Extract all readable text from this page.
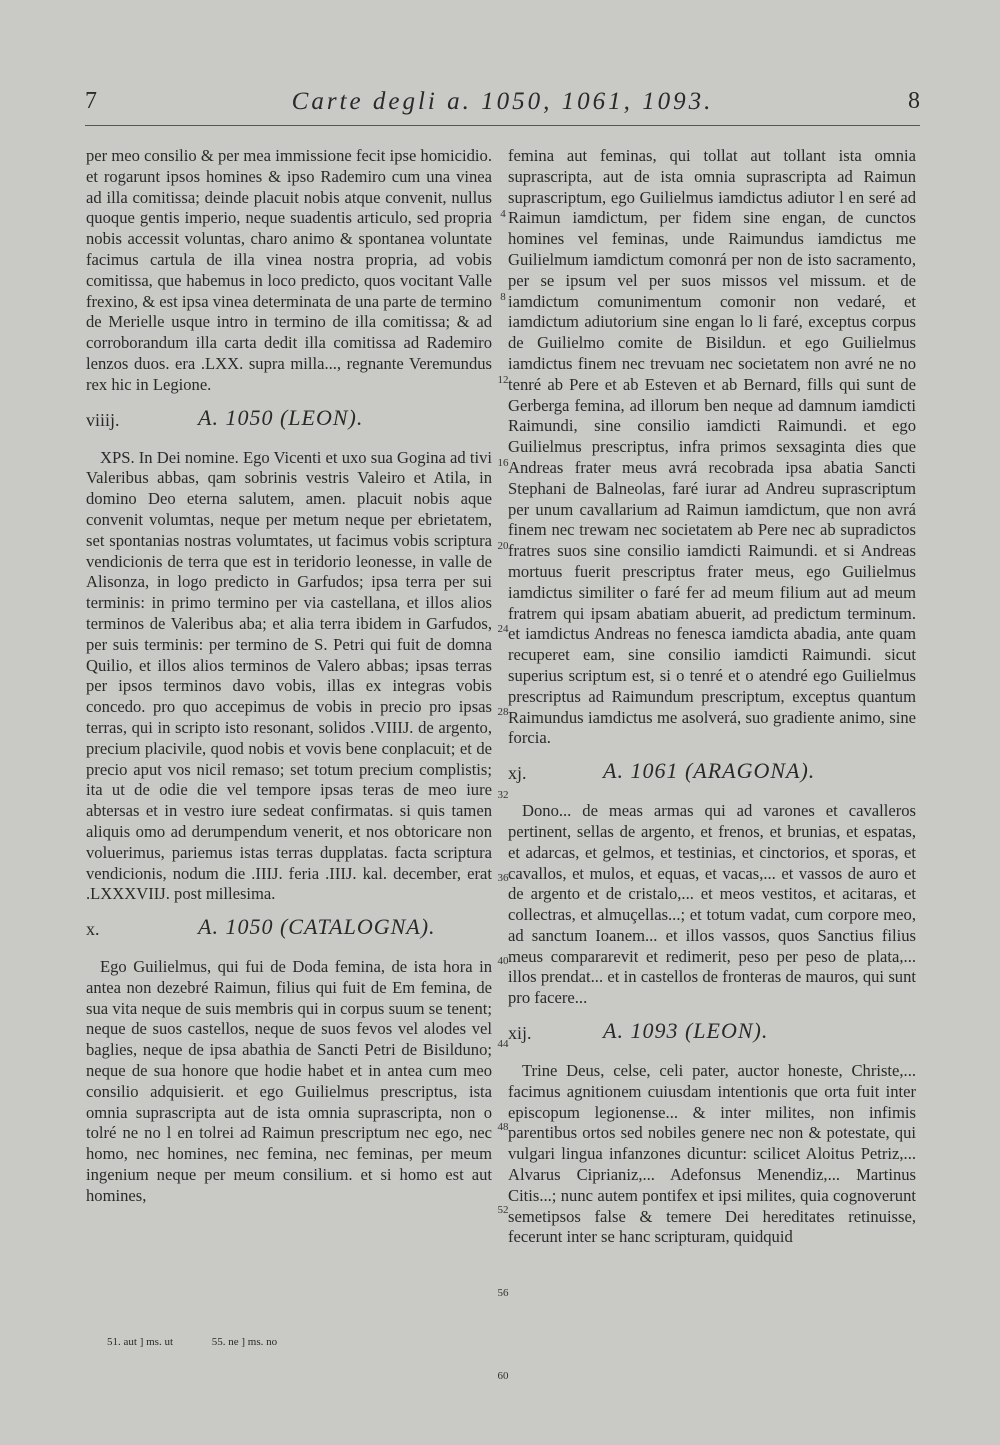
7	Carte degli a. 1050, 1061, 1093.	8

per meo consilio & per mea immissione fecit ipse homicidio. et rogarunt ipsos homines & ipso Rademiro cum una vinea ad illa comitissa; deinde placuit nobis atque convenit, nullus quoque gentis imperio, neque suadentis articulo, sed propria nobis accessit voluntas, charo animo & spontanea voluntate facimus cartula de illa vinea nostra propria, ad vobis comitissa, que habemus in loco predicto, quos vocitant Valle frexino, & est ipsa vinea determinata de una parte de termino de Merielle usque intro in termino de illa comitissa; & ad corroborandum illa carta dedit illa comitissa ad Rademiro lenzos duos. era .LXX. supra milla..., regnante Veremundus rex hic in Legione.

viiij.	A. 1050 (LEON).

XPS. In Dei nomine. Ego Vicenti et uxo sua Gogina ad tivi Valeribus abbas, qam sobrinis vestris Valeiro et Atila, in domino Deo eterna salutem, amen. placuit nobis aque convenit volumtas, neque per metum neque per ebrietatem, set spontanias nostras volumtates, ut facimus vobis scriptura vendicionis de terra que est in teridorio leonesse, in valle de Alisonza, in logo predicto in Garfudos; ipsa terra per sui terminis: in primo termino per via castellana, et illos alios terminos de Valeribus aba; et alia terra ibidem in Garfudos, per suis terminis: per termino de S. Petri qui fuit de domna Quilio, et illos alios terminos de Valero abbas; ipsas terras per ipsos terminos davo vobis, illas ex integras vobis concedo. pro quo accepimus de vobis in precio pro ipsas terras, qui in scripto isto resonant, solidos .VIIIJ. de argento, precium placivile, quod nobis et vovis bene conplacuit; et de precio aput vos nicil remaso; set totum precium complistis; ita ut de odie die vel tempore ipsas teras de meo iure abtersas et in vestro iure sedeat confirmatas. si quis tamen aliquis omo ad derumpendum venerit, et nos obtoricare non voluerimus, pariemus istas terras dupplatas. facta scriptura vendicionis, nodum die .IIIJ. feria .IIIJ. kal. december, erat .LXXXVIIJ. post millesima.

x.	A. 1050 (CATALOGNA).

Ego Guilielmus, qui fui de Doda femina, de ista hora in antea non dezebré Raimun, filius qui fuit de Em femina, de sua vita neque de suis membris qui in corpus suum se tenent; neque de suos castellos, neque de suos fevos vel alodes vel baglies, neque de ipsa abathia de Sancti Petri de Bisilduno; neque de sua honore que hodie habet et in antea cum meo consilio adquisierit. et ego Guilielmus prescriptus, ista omnia suprascripta aut de ista omnia suprascripta, non o tolré ne no l en tolrei ad Raimun prescriptum nec ego, nec homo, nec homines, nec femina, nec feminas, per meum ingenium neque per meum consilium. et si homo est aut homines,

femina aut feminas, qui tollat aut tollant ista omnia suprascripta, aut de ista omnia suprascripta ad Raimun suprascriptum, ego Guilielmus iamdictus adiutor l en seré ad Raimun iamdictum, per fidem sine engan, de cunctos homines vel feminas, unde Raimundus iamdictus me Guilielmum iamdictum comonrá per non de isto sacramento, per se ipsum vel per suos missos vel missum. et de iamdictum comunimentum comonir non vedaré, et iamdictum adiutorium sine engan lo li faré, exceptus corpus de Guilielmo comite de Bisildun. et ego Guilielmus iamdictus finem nec trevuam nec societatem non avré ne no tenré ab Pere et ab Esteven et ab Bernard, fills qui sunt de Gerberga femina, ad illorum ben neque ad damnum iamdicti Raimundi, sine consilio iamdicti Raimundi. et ego Guilielmus prescriptus, infra primos sexsaginta dies que Andreas frater meus avrá recobrada ipsa abatia Sancti Stephani de Balneolas, faré iurar ad Andreu suprascriptum per unum cavallarium ad Raimun iamdictum, que non avrá finem nec trewam nec societatem ab Pere nec ab supradictos fratres suos sine consilio iamdicti Raimundi. et si Andreas mortuus fuerit prescriptus frater meus, ego Guilielmus iamdictus similiter o faré fer ad meum filium aut ad meum fratrem qui ipsam abatiam abuerit, ad predictum terminum. et iamdictus Andreas no fenesca iamdicta abadia, ante quam recuperet eam, sine consilio iamdicti Raimundi. sicut superius scriptum est, si o tenré et o atendré ego Guilielmus prescriptus ad Raimundum prescriptum, exceptus quantum Raimundus iamdictus me asolverá, suo gradiente animo, sine forcia.

xj.	A. 1061 (ARAGONA).

Dono... de meas armas qui ad varones et cavalleros pertinent, sellas de argento, et frenos, et brunias, et espatas, et adarcas, et gelmos, et testinias, et cinctorios, et sporas, et cavallos, et mulos, et equas, et vacas,... et vassos de auro et de argento et de cristalo,... et meos vestitos, et acitaras, et collectras, et almuçellas...; et totum vadat, cum corpore meo, ad sanctum Ioanem... et illos vassos, quos Sanctius filius meus compararevit et redimerit, peso per peso de plata,... illos prendat... et in castellos de fronteras de mauros, qui sunt pro facere...

xij.	A. 1093 (LEON).

Trine Deus, celse, celi pater, auctor honeste, Christe,... facimus agnitionem cuiusdam intentionis que orta fuit inter episcopum legionense... & inter milites, non infimis parentibus ortos sed nobiles genere nec non & potestate, qui vulgari lingua infanzones dicuntur: scilicet Aloitus Petriz,... Alvarus Ciprianiz,... Adefonsus Menendiz,... Martinus Citis...; nunc autem pontifex et ipsi milites, quia cognoverunt semetipsos false & temere Dei hereditates retinuisse, fecerunt inter se hanc scripturam, quidquid

4
8
12
16
20
24
28
32
36
40
44
48
52
56
60
51. aut ] ms. ut	55. ne ] ms. no
